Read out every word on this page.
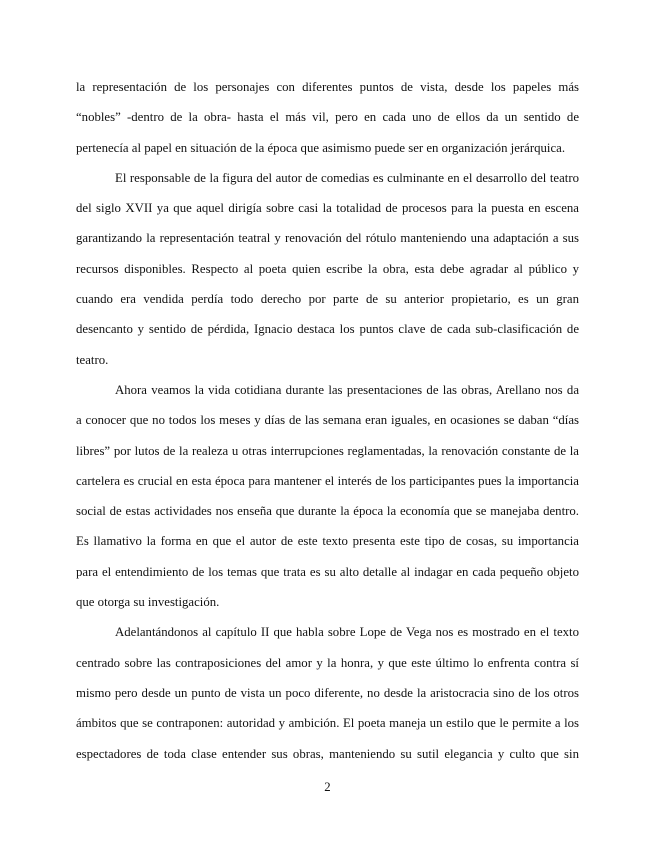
la representación de los personajes con diferentes puntos de vista, desde los papeles más
“nobles” -dentro de la obra- hasta el más vil, pero en cada uno de ellos da un sentido de
pertenecía al papel en situación de la época que asimismo puede ser en organización jerárquica.
El responsable de la figura del autor de comedias es culminante en el desarrollo del teatro
del siglo XVII ya que aquel dirigía sobre casi la totalidad de procesos para la puesta en escena
garantizando la representación teatral y renovación del rótulo manteniendo una adaptación a sus
recursos disponibles. Respecto al poeta quien escribe la obra, esta debe agradar al público y
cuando era vendida perdía todo derecho por parte de su anterior propietario, es un gran
desencanto y sentido de pérdida, Ignacio destaca los puntos clave de cada sub-clasificación de
teatro.
Ahora veamos la vida cotidiana durante las presentaciones de las obras, Arellano nos da
a conocer que no todos los meses y días de las semana eran iguales, en ocasiones se daban “días
libres” por lutos de la realeza u otras interrupciones reglamentadas, la renovación constante de la
cartelera es crucial en esta época para mantener el interés de los participantes pues la importancia
social de estas actividades nos enseña que durante la época la economía que se manejaba dentro.
Es llamativo la forma en que el autor de este texto presenta este tipo de cosas, su importancia
para el entendimiento de los temas que trata es su alto detalle al indagar en cada pequeño objeto
que otorga su investigación.
Adelantándonos al capítulo II que habla sobre Lope de Vega nos es mostrado en el texto
centrado sobre las contraposiciones del amor y la honra, y que este último lo enfrenta contra sí
mismo pero desde un punto de vista un poco diferente, no desde la aristocracia sino de los otros
ámbitos que se contraponen: autoridad y ambición. El poeta maneja un estilo que le permite a los
espectadores de toda clase entender sus obras, manteniendo su sutil elegancia y culto que sin
2
